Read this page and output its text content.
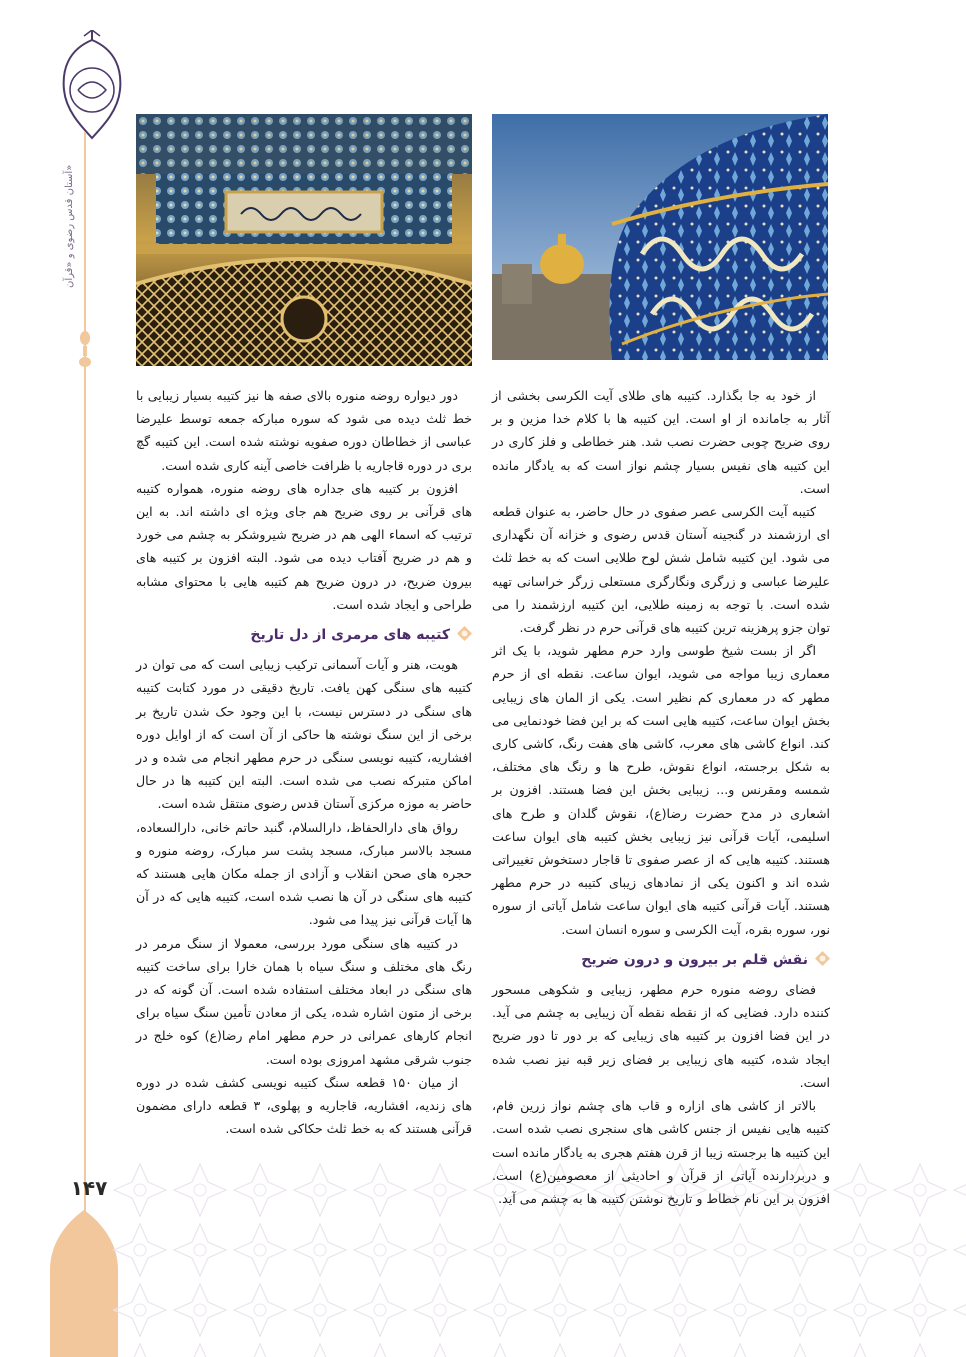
آستان قدس رضوی و «قرآن»
۱۴۷

از خود به جا بگذارد. کتیبه های طلای آیت الکرسی بخشی از آثار به جامانده از او است. این کتیبه ها با کلام خدا مزین و بر روی ضریح چوبی حضرت نصب شد. هنر خطاطی و فلز کاری در این کتیبه های نفیس بسیار چشم نواز است که به یادگار مانده است.

کتیبه آیت الکرسی عصر صفوی در حال حاضر، به عنوان قطعه ای ارزشمند در گنجینه آستان قدس رضوی و خزانه آن نگهداری می شود. این کتیبه شامل شش لوح طلایی است که به خط ثلث علیرضا عباسی و زرگری ونگارگری مستعلی زرگر خراسانی تهیه شده است. با توجه به زمینه طلایی، این کتیبه ارزشمند را می توان جزو پرهزینه ترین کتیبه های قرآنی حرم در نظر گرفت.

اگر از بست شیخ طوسی وارد حرم مطهر شوید، با یک اثر معماری زیبا مواجه می شوید، ایوان ساعت. نقطه ای از حرم مطهر که در معماری کم نظیر است. یکی از المان های زیبایی بخش ایوان ساعت، کتیبه هایی است که بر این فضا خودنمایی می کند. انواع کاشی های معرب، کاشی های هفت رنگ، کاشی کاری به شکل برجسته، انواع نقوش، طرح ها و رنگ های مختلف، شمسه ومقرنس و... زیبایی بخش این فضا هستند. افزون بر اشعاری در مدح حضرت رضا(ع)، نقوش گلدان و طرح های اسلیمی، آیات قرآنی نیز زیبایی بخش کتیبه های ایوان ساعت هستند. کتیبه هایی که از عصر صفوی تا قاجار دستخوش تغییراتی شده اند و اکنون یکی از نمادهای زیبای کتیبه در حرم مطهر هستند. آیات قرآنی کتیبه های ایوان ساعت شامل آیاتی از سوره نور، سوره بقره، آیت الکرسی و سوره انسان است.

نقش قلم بر بیرون و درون ضریح

فضای روضه منوره حرم مطهر، زیبایی و شکوهی مسحور کننده دارد. فضایی که از نقطه نقطه آن زیبایی به چشم می آید. در این فضا افزون بر کتیبه های زیبایی که بر دور تا دور ضریح ایجاد شده، کتیبه های زیبایی بر فضای زیر قبه نیز نصب شده است.

بالاتر از کاشی های ازاره و قاب های چشم نواز زرین فام، کتیبه هایی نفیس از جنس کاشی های سنجری نصب شده است. این کتیبه ها برجسته زیبا از قرن هفتم هجری به یادگار مانده است و دربردارنده آیاتی از قرآن و احادیثی از معصومین(ع) است. افزون بر این نام خطاط و تاریخ نوشتن کتیبه ها به چشم می آید.

دور دیواره روضه منوره بالای صفه ها نیز کتیبه بسیار زیبایی با خط ثلث دیده می شود که سوره مبارکه جمعه توسط علیرضا عباسی از خطاطان دوره صفویه نوشته شده است. این کتیبه گچ بری در دوره قاجاریه با ظرافت خاصی آینه کاری شده است.

افزون بر کتیبه های جداره های روضه منوره، همواره کتیبه های قرآنی بر روی ضریح هم جای ویژه ای داشته اند. به این ترتیب که اسماء الهی هم در ضریح شیروشکر به چشم می خورد و هم در ضریح آفتاب دیده می شود. البته افزون بر کتیبه های بیرون ضریح، در درون ضریح هم کتیبه هایی با محتوای مشابه طراحی و ایجاد شده است.

کتیبه های مرمری از دل تاریخ

هویت، هنر و آیات آسمانی ترکیب زیبایی است که می توان در کتیبه های سنگی کهن یافت. تاریخ دقیقی در مورد کتابت کتیبه های سنگی در دسترس نیست، با این وجود حک شدن تاریخ بر برخی از این سنگ نوشته ها حاکی از آن است که از اوایل دوره افشاریه، کتیبه نویسی سنگی در حرم مطهر انجام می شده و در اماکن متبرکه نصب می شده است. البته این کتیبه ها در حال حاضر به موزه مرکزی آستان قدس رضوی منتقل شده است.

رواق های دارالحفاظ، دارالسلام، گنبد حاتم خانی، دارالسعاده، مسجد بالاسر مبارک، مسجد پشت سر مبارک، روضه منوره و حجره های صحن انقلاب و آزادی از جمله مکان هایی هستند که کتیبه های سنگی در آن ها نصب شده است، کتیبه هایی که در آن ها آیات قرآنی نیز پیدا می شود.

در کتیبه های سنگی مورد بررسی، معمولا از سنگ مرمر در رنگ های مختلف و سنگ سیاه با همان خارا برای ساخت کتیبه های سنگی در ابعاد مختلف استفاده شده است. آن گونه که در برخی از متون اشاره شده، یکی از معادن تأمین سنگ سیاه برای انجام کارهای عمرانی در حرم مطهر امام رضا(ع) کوه خلج در جنوب شرقی مشهد امروزی بوده است.

از میان ۱۵۰ قطعه سنگ کتیبه نویسی کشف شده در دوره های زندیه، افشاریه، قاجاریه و پهلوی، ۳ قطعه دارای مضمون قرآنی هستند که به خط ثلث حکاکی شده است.
